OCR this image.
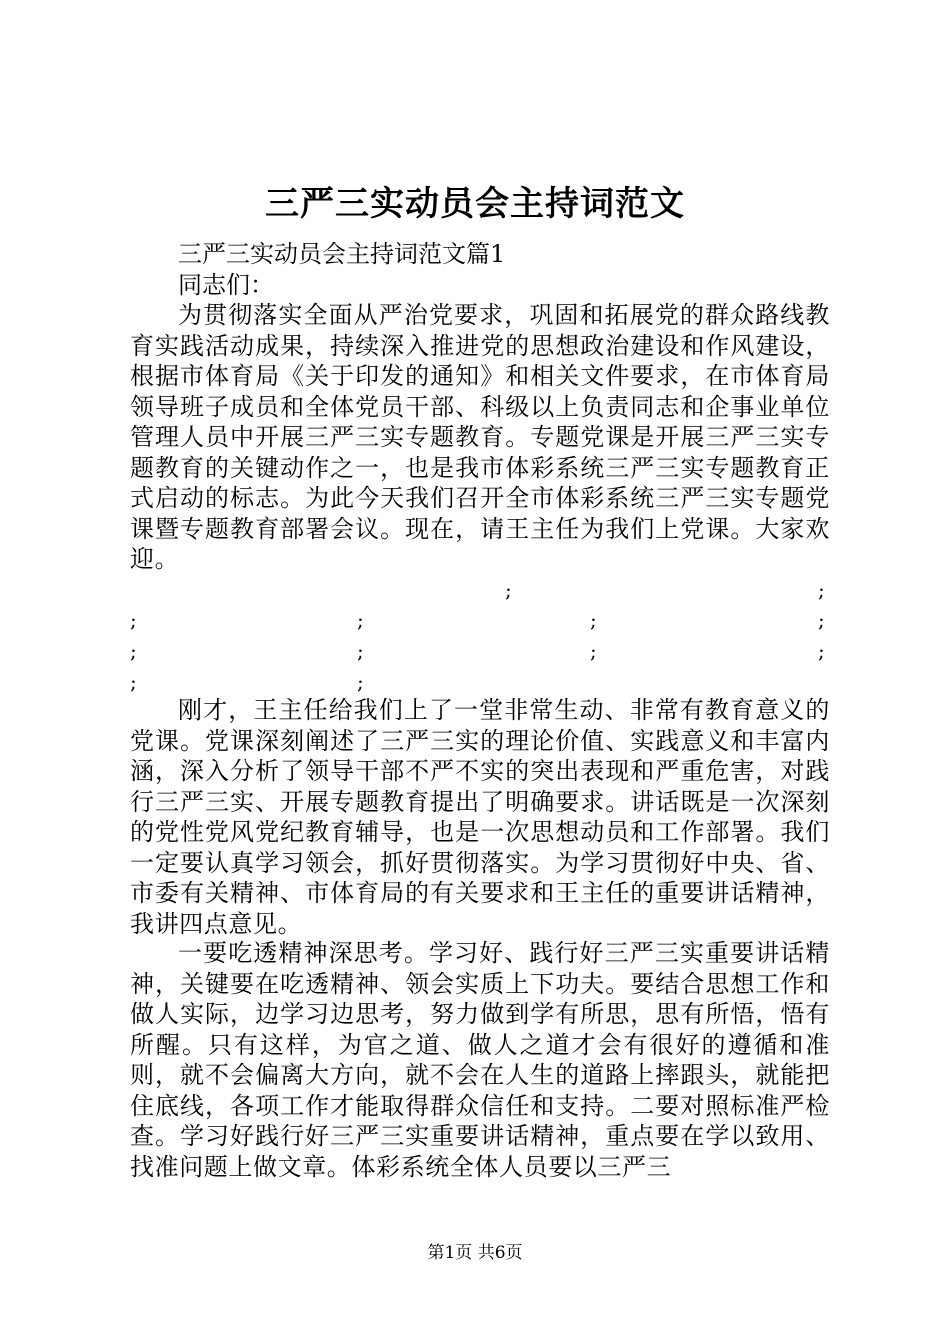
三严三实动员会主持词范文
三严三实动员会主持词范文篇1
同志们：

为贯彻落实全面从严治党要求，巩固和拓展党的群众路线教育实践活动成果，持续深入推进党的思想政治建设和作风建设，根据市体育局《关于印发的通知》和相关文件要求，在市体育局领导班子成员和全体党员干部、科级以上负责同志和企事业单位管理人员中开展三严三实专题教育。专题党课是开展三严三实专题教育的关键动作之一，也是我市体彩系统三严三实专题教育正式启动的标志。为此今天我们召开全市体彩系统三严三实专题党课暨专题教育部署会议。现在，请王主任为我们上党课。大家欢迎。

;	;
;	;	;	;
;	;	;	;
;	;

刚才，王主任给我们上了一堂非常生动、非常有教育意义的党课。党课深刻阐述了三严三实的理论价值、实践意义和丰富内涵，深入分析了领导干部不严不实的突出表现和严重危害，对践行三严三实、开展专题教育提出了明确要求。讲话既是一次深刻的党性党风党纪教育辅导，也是一次思想动员和工作部署。我们一定要认真学习领会，抓好贯彻落实。为学习贯彻好中央、省、市委有关精神、市体育局的有关要求和王主任的重要讲话精神，我讲四点意见。

一要吃透精神深思考。学习好、践行好三严三实重要讲话精神，关键要在吃透精神、领会实质上下功夫。要结合思想工作和做人实际，边学习边思考，努力做到学有所思，思有所悟，悟有所醒。只有这样，为官之道、做人之道才会有很好的遵循和准则，就不会偏离大方向，就不会在人生的道路上摔跟头，就能把住底线，各项工作才能取得群众信任和支持。二要对照标准严检查。学习好践行好三严三实重要讲话精神，重点要在学以致用、找准问题上做文章。体彩系统全体人员要以三严三

第1页 共6页
